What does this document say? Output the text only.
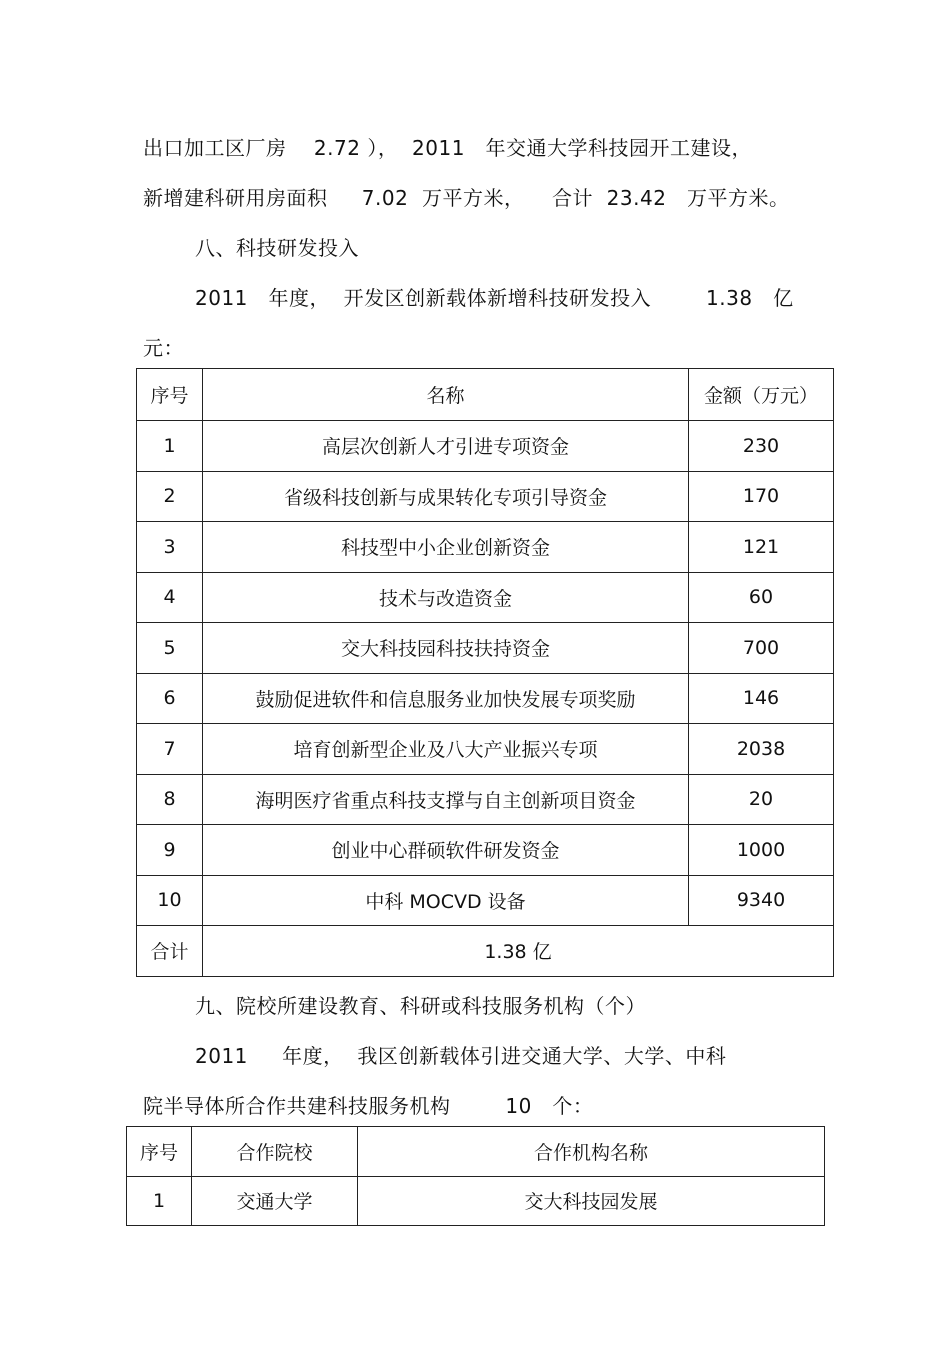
出口加工区厂房    2.72 ），  2011   年交通大学科技园开工建设，
新增建科研用房面积     7.02  万平方米，    合计  23.42   万平方米。
八、科技研发投入
2011   年度，  开发区创新载体新增科技研发投入        1.38   亿
元：
序号	名称	金额（万元）
1	高层次创新人才引进专项资金	230
2	省级科技创新与成果转化专项引导资金	170
3	科技型中小企业创新资金	121
4	技术与改造资金	60
5	交大科技园科技扶持资金	700
6	鼓励促进软件和信息服务业加快发展专项奖励	146
7	培育创新型企业及八大产业振兴专项	2038
8	海明医疗省重点科技支撑与自主创新项目资金	20
9	创业中心群硕软件研发资金	1000
10	中科 MOCVD 设备	9340
合计	1.38 亿	
九、院校所建设教育、科研或科技服务机构（个）
2011     年度，  我区创新载体引进交通大学、大学、中科
院半导体所合作共建科技服务机构        10   个：
序号	合作院校	合作机构名称
1	交通大学	交大科技园发展
